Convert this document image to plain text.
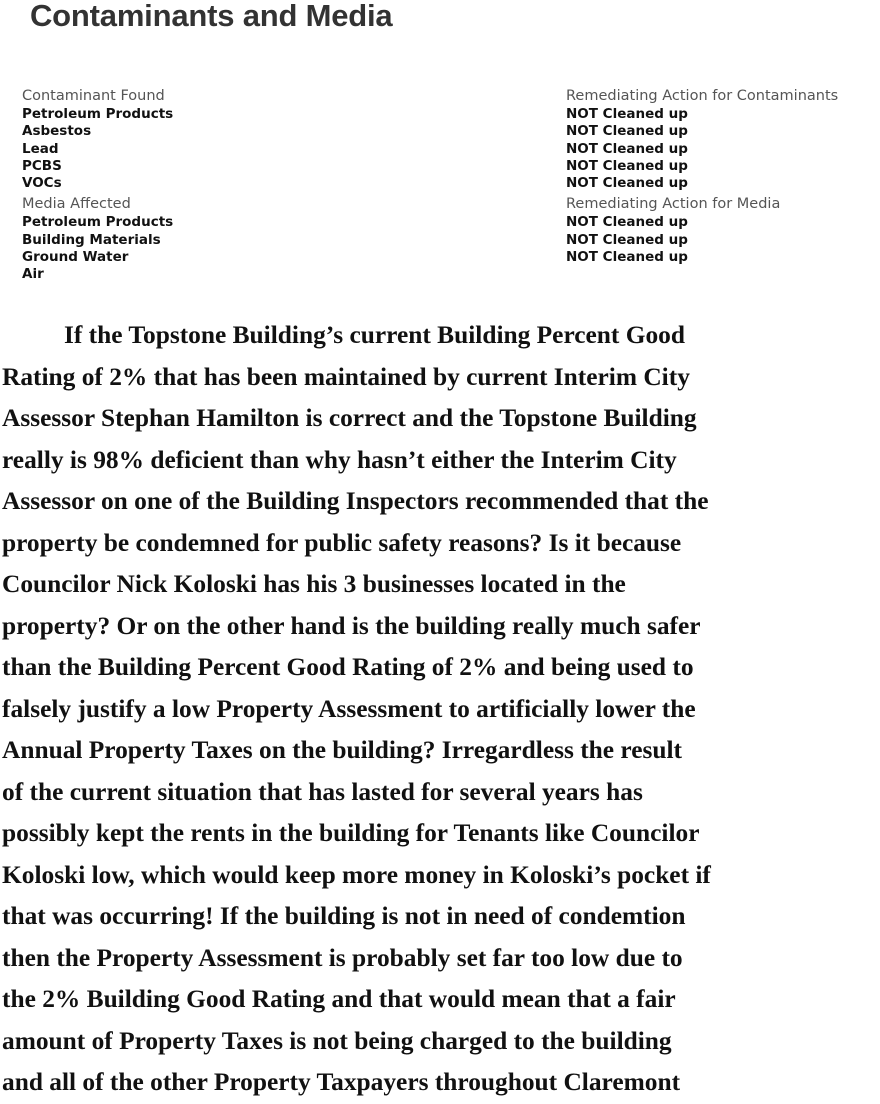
Contaminants and Media
Contaminant Found
Petroleum Products
Asbestos
Lead
PCBS
VOCs
Media Affected
Petroleum Products
Building Materials
Ground Water
Air
Remediating Action for Contaminants
NOT Cleaned up
NOT Cleaned up
NOT Cleaned up
NOT Cleaned up
NOT Cleaned up
Remediating Action for Media
NOT Cleaned up
NOT Cleaned up
NOT Cleaned up
If the Topstone Building’s current Building Percent Good
Rating of 2% that has been maintained by current Interim City
Assessor Stephan Hamilton is correct and the Topstone Building
really is 98% deficient than why hasn’t either the Interim City
Assessor on one of the Building Inspectors recommended that the
property be condemned for public safety reasons? Is it because
Councilor Nick Koloski has his 3 businesses located in the
property? Or on the other hand is the building really much safer
than the Building Percent Good Rating of 2% and being used to
falsely justify a low Property Assessment to artificially lower the
Annual Property Taxes on the building? Irregardless the result
of the current situation that has lasted for several years has
possibly kept the rents in the building for Tenants like Councilor
Koloski low, which would keep more money in Koloski’s pocket if
that was occurring! If the building is not in need of condemtion
then the Property Assessment is probably set far too low due to
the 2% Building Good Rating and that would mean that a fair
amount of Property Taxes is not being charged to the building
and all of the other Property Taxpayers throughout Claremont
